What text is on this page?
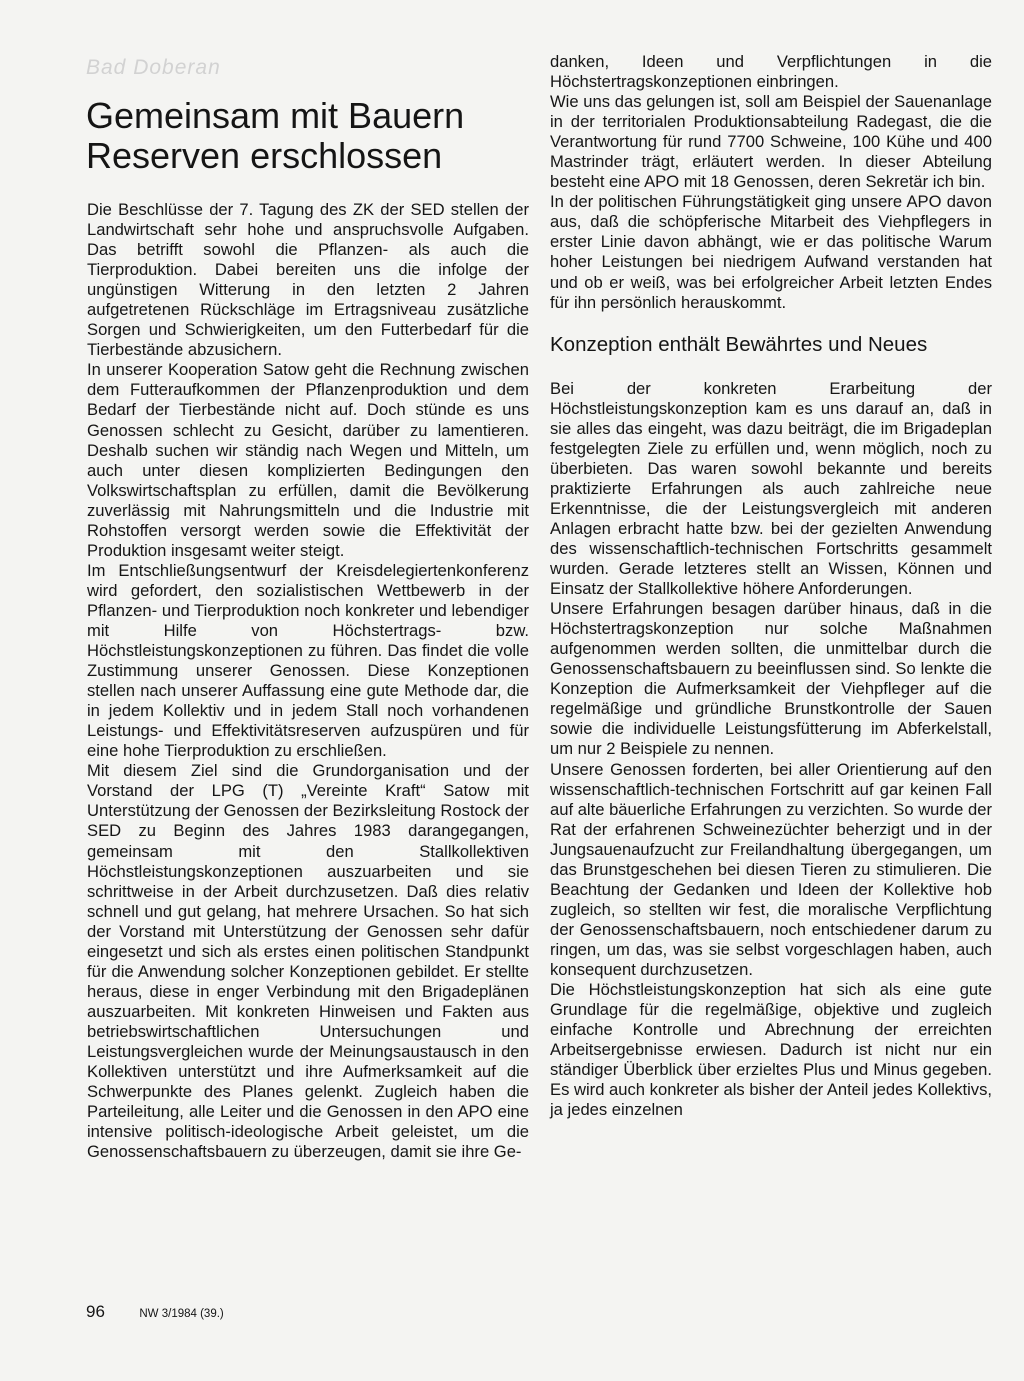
Bad Doberan
Gemeinsam mit Bauern Reserven erschlossen

Die Beschlüsse der 7. Tagung des ZK der SED stellen der Landwirtschaft sehr hohe und anspruchsvolle Aufgaben. Das betrifft sowohl die Pflanzen- als auch die Tierproduktion. Dabei bereiten uns die infolge der ungünstigen Witterung in den letzten 2 Jahren aufgetretenen Rückschläge im Ertragsniveau zusätzliche Sorgen und Schwierigkeiten, um den Futterbedarf für die Tierbestände abzusichern.

In unserer Kooperation Satow geht die Rechnung zwischen dem Futteraufkommen der Pflanzenproduktion und dem Bedarf der Tierbestände nicht auf. Doch stünde es uns Genossen schlecht zu Gesicht, darüber zu lamentieren. Deshalb suchen wir ständig nach Wegen und Mitteln, um auch unter diesen komplizierten Bedingungen den Volkswirtschaftsplan zu erfüllen, damit die Bevölkerung zuverlässig mit Nahrungsmitteln und die Industrie mit Rohstoffen versorgt werden sowie die Effektivität der Produktion insgesamt weiter steigt.

Im Entschließungsentwurf der Kreisdelegiertenkonferenz wird gefordert, den sozialistischen Wettbewerb in der Pflanzen- und Tierproduktion noch konkreter und lebendiger mit Hilfe von Höchstertrags- bzw. Höchstleistungskonzeptionen zu führen. Das findet die volle Zustimmung unserer Genossen. Diese Konzeptionen stellen nach unserer Auffassung eine gute Methode dar, die in jedem Kollektiv und in jedem Stall noch vorhandenen Leistungs- und Effektivitätsreserven aufzuspüren und für eine hohe Tierproduktion zu erschließen.

Mit diesem Ziel sind die Grundorganisation und der Vorstand der LPG (T) „Vereinte Kraft“ Satow mit Unterstützung der Genossen der Bezirksleitung Rostock der SED zu Beginn des Jahres 1983 darangegangen, gemeinsam mit den Stallkollektiven Höchstleistungskonzeptionen auszuarbeiten und sie schrittweise in der Arbeit durchzusetzen. Daß dies relativ schnell und gut gelang, hat mehrere Ursachen. So hat sich der Vorstand mit Unterstützung der Genossen sehr dafür eingesetzt und sich als erstes einen politischen Standpunkt für die Anwendung solcher Konzeptionen gebildet. Er stellte heraus, diese in enger Verbindung mit den Brigadeplänen auszuarbeiten. Mit konkreten Hinweisen und Fakten aus betriebswirtschaftlichen Untersuchungen und Leistungsvergleichen wurde der Meinungsaustausch in den Kollektiven unterstützt und ihre Aufmerksamkeit auf die Schwerpunkte des Planes gelenkt. Zugleich haben die Parteileitung, alle Leiter und die Genossen in den APO eine intensive politisch-ideologische Arbeit geleistet, um die Genossenschaftsbauern zu überzeugen, damit sie ihre Ge-

danken, Ideen und Verpflichtungen in die Höchstertragskonzeptionen einbringen.

Wie uns das gelungen ist, soll am Beispiel der Sauenanlage in der territorialen Produktionsabteilung Radegast, die die Verantwortung für rund 7700 Schweine, 100 Kühe und 400 Mastrinder trägt, erläutert werden. In dieser Abteilung besteht eine APO mit 18 Genossen, deren Sekretär ich bin.

In der politischen Führungstätigkeit ging unsere APO davon aus, daß die schöpferische Mitarbeit des Viehpflegers in erster Linie davon abhängt, wie er das politische Warum hoher Leistungen bei niedrigem Aufwand verstanden hat und ob er weiß, was bei erfolgreicher Arbeit letzten Endes für ihn persönlich herauskommt.

Konzeption enthält Bewährtes und Neues

Bei der konkreten Erarbeitung der Höchstleistungskonzeption kam es uns darauf an, daß in sie alles das eingeht, was dazu beiträgt, die im Brigadeplan festgelegten Ziele zu erfüllen und, wenn möglich, noch zu überbieten. Das waren sowohl bekannte und bereits praktizierte Erfahrungen als auch zahlreiche neue Erkenntnisse, die der Leistungsvergleich mit anderen Anlagen erbracht hatte bzw. bei der gezielten Anwendung des wissenschaftlich-technischen Fortschritts gesammelt wurden. Gerade letzteres stellt an Wissen, Können und Einsatz der Stallkollektive höhere Anforderungen.

Unsere Erfahrungen besagen darüber hinaus, daß in die Höchstertragskonzeption nur solche Maßnahmen aufgenommen werden sollten, die unmittelbar durch die Genossenschaftsbauern zu beeinflussen sind. So lenkte die Konzeption die Aufmerksamkeit der Viehpfleger auf die regelmäßige und gründliche Brunstkontrolle der Sauen sowie die individuelle Leistungsfütterung im Abferkelstall, um nur 2 Beispiele zu nennen.

Unsere Genossen forderten, bei aller Orientierung auf den wissenschaftlich-technischen Fortschritt auf gar keinen Fall auf alte bäuerliche Erfahrungen zu verzichten. So wurde der Rat der erfahrenen Schweinezüchter beherzigt und in der Jungsauenaufzucht zur Freilandhaltung übergegangen, um das Brunstgeschehen bei diesen Tieren zu stimulieren. Die Beachtung der Gedanken und Ideen der Kollektive hob zugleich, so stellten wir fest, die moralische Verpflichtung der Genossenschaftsbauern, noch entschiedener darum zu ringen, um das, was sie selbst vorgeschlagen haben, auch konsequent durchzusetzen.

Die Höchstleistungskonzeption hat sich als eine gute Grundlage für die regelmäßige, objektive und zugleich einfache Kontrolle und Abrechnung der erreichten Arbeitsergebnisse erwiesen. Dadurch ist nicht nur ein ständiger Überblick über erzieltes Plus und Minus gegeben. Es wird auch konkreter als bisher der Anteil jedes Kollektivs, ja jedes einzelnen

96	NW 3/1984 (39.)
